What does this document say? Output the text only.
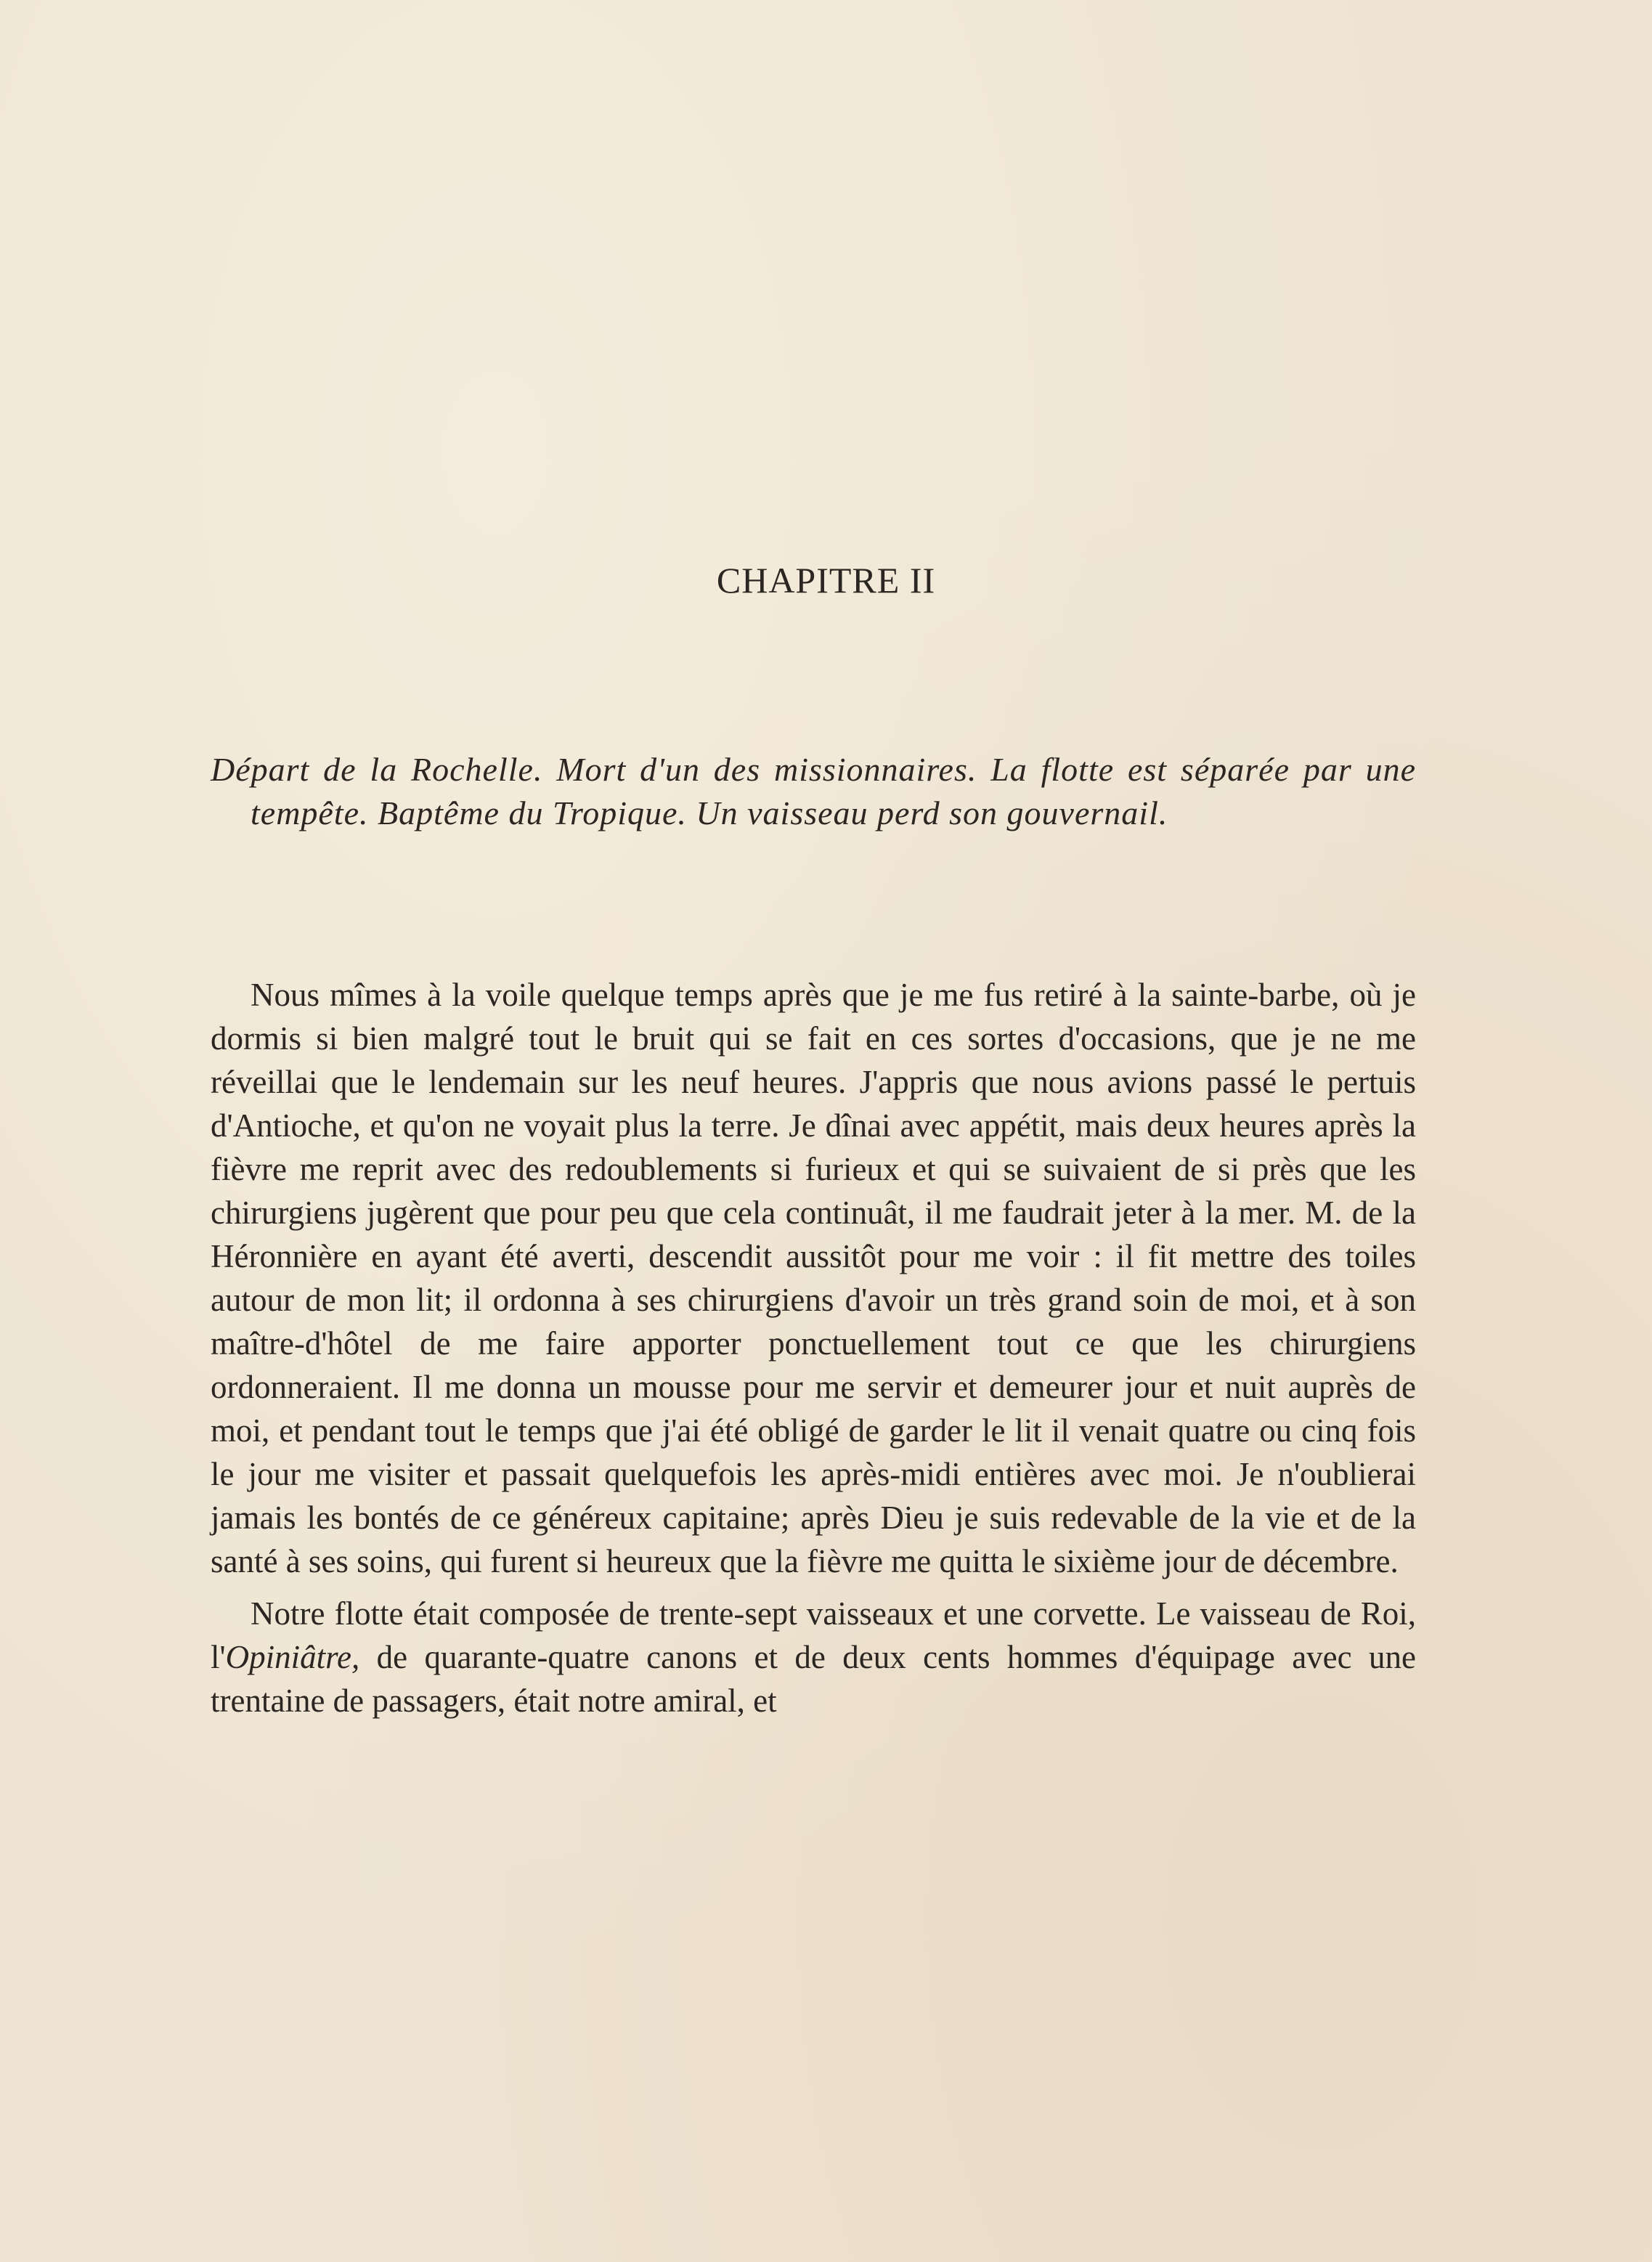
CHAPITRE II

Départ de la Rochelle. Mort d'un des missionnaires. La flotte est séparée par une tempête. Baptême du Tropique. Un vaisseau perd son gouvernail.

Nous mîmes à la voile quelque temps après que je me fus retiré à la sainte-barbe, où je dormis si bien malgré tout le bruit qui se fait en ces sortes d'occasions, que je ne me réveillai que le lendemain sur les neuf heures. J'appris que nous avions passé le pertuis d'Antioche, et qu'on ne voyait plus la terre. Je dînai avec appétit, mais deux heures après la fièvre me reprit avec des redoublements si furieux et qui se suivaient de si près que les chirurgiens jugèrent que pour peu que cela continuât, il me faudrait jeter à la mer. M. de la Héronnière en ayant été averti, descendit aussitôt pour me voir : il fit mettre des toiles autour de mon lit; il ordonna à ses chirurgiens d'avoir un très grand soin de moi, et à son maître-d'hôtel de me faire apporter ponctuellement tout ce que les chirurgiens ordonneraient. Il me donna un mousse pour me servir et demeurer jour et nuit auprès de moi, et pendant tout le temps que j'ai été obligé de garder le lit il venait quatre ou cinq fois le jour me visiter et passait quelquefois les après-midi entières avec moi. Je n'oublierai jamais les bontés de ce généreux capitaine; après Dieu je suis redevable de la vie et de la santé à ses soins, qui furent si heureux que la fièvre me quitta le sixième jour de décembre.

Notre flotte était composée de trente-sept vaisseaux et une corvette. Le vaisseau de Roi, l'Opiniâtre, de quarante-quatre canons et de deux cents hommes d'équipage avec une trentaine de passagers, était notre amiral, et
